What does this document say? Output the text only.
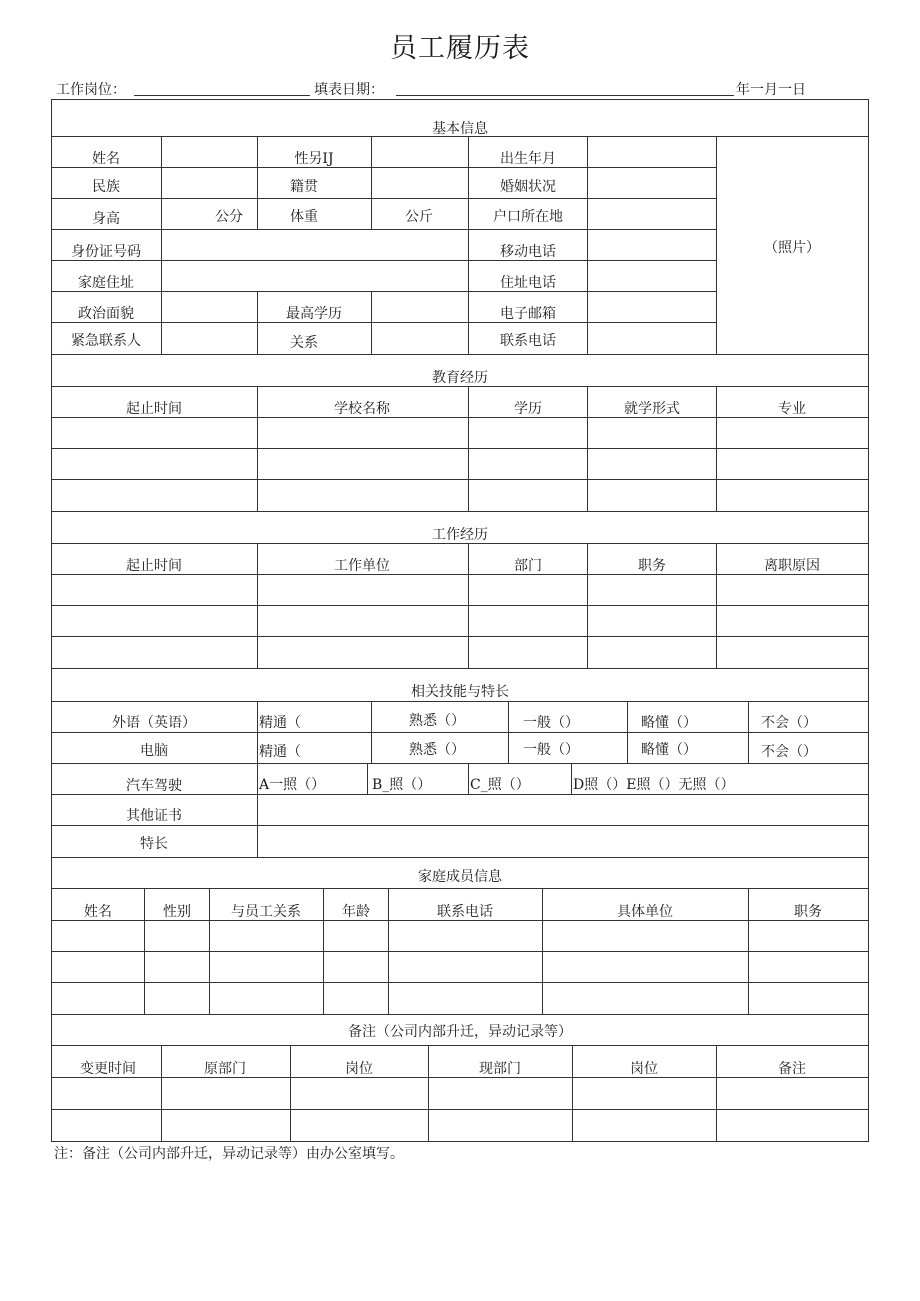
员工履历表
工作岗位：	填表日期：	年一月一日
基本信息
姓名	性另IJ	出生年月
民族	籍贯	婚姻状况
身高	公分	体重	公斤	户口所在地
身份证号码	移动电话
家庭住址	住址电话
政治面貌	最高学历	电子邮箱
紧急联系人	关系	联系电话
（照片）
教育经历
起止时间	学校名称	学历	就学形式	专业
工作经历
起止时间	工作单位	部门	职务	离职原因
相关技能与特长
外语（英语）	精通（	熟悉（）	一般（）	略懂（）	不会（）
电脑	精通（	熟悉（）	一般（）	略懂（）	不会（）
汽车驾驶	A一照（）	B_照（）	C_照（）	D照（）E照（）无照（）
其他证书
特长
家庭成员信息
姓名	性别	与员工关系	年龄	联系电话	具体单位	职务
备注（公司内部升迁，异动记录等）
变更时间	原部门	岗位	现部门	岗位	备注
注：备注（公司内部升迁，异动记录等）由办公室填写。
